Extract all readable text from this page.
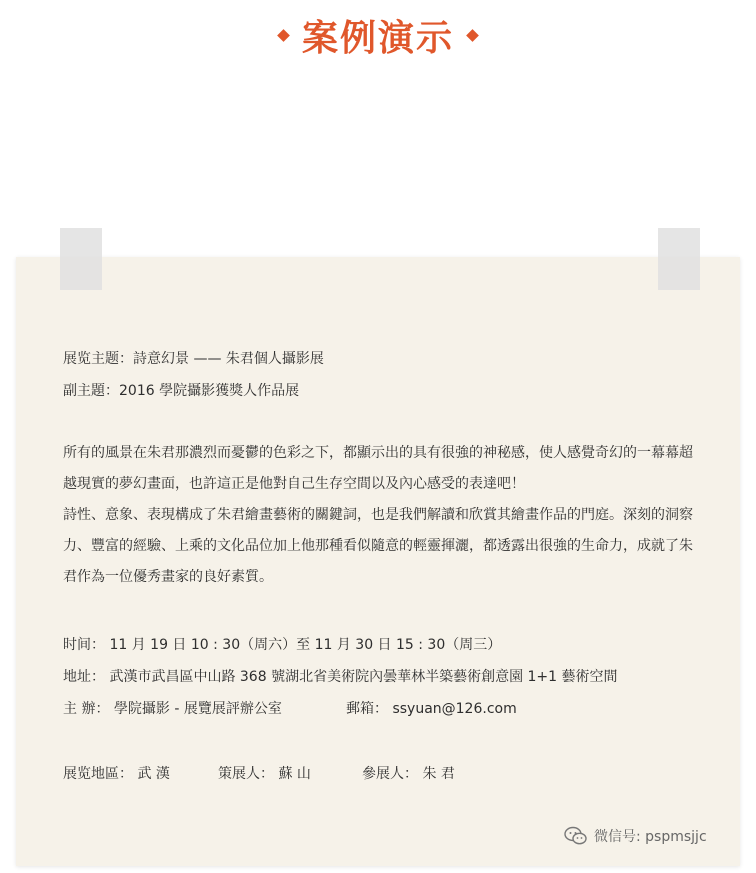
案例演示
展览主题：詩意幻景 —— 朱君個人攝影展
副主題：2016 學院攝影獲獎人作品展
所有的風景在朱君那濃烈而憂鬱的色彩之下，都顯示出的具有很強的神秘感，使人感覺奇幻的一幕幕超越現實的夢幻畫面，也許這正是他對自己生存空間以及內心感受的表達吧！
詩性、意象、表現構成了朱君繪畫藝術的關鍵詞，也是我們解讀和欣賞其繪畫作品的門庭。深刻的洞察力、豐富的經驗、上乘的文化品位加上他那種看似隨意的輕靈揮灑，都透露出很強的生命力，成就了朱君作為一位優秀畫家的良好素質。
时间： 11 月 19 日 10 : 30（周六）至 11 月 30 日 15 : 30（周三）
地址： 武漢市武昌區中山路 368 號湖北省美術院內曇華林半築藝術創意園 1+1 藝術空間
主 辦： 學院攝影 - 展覽展評辦公室	郵箱： ssyuan@126.com
展览地區： 武 漢	策展人： 蘇 山	參展人： 朱 君
微信号: pspmsjjc
